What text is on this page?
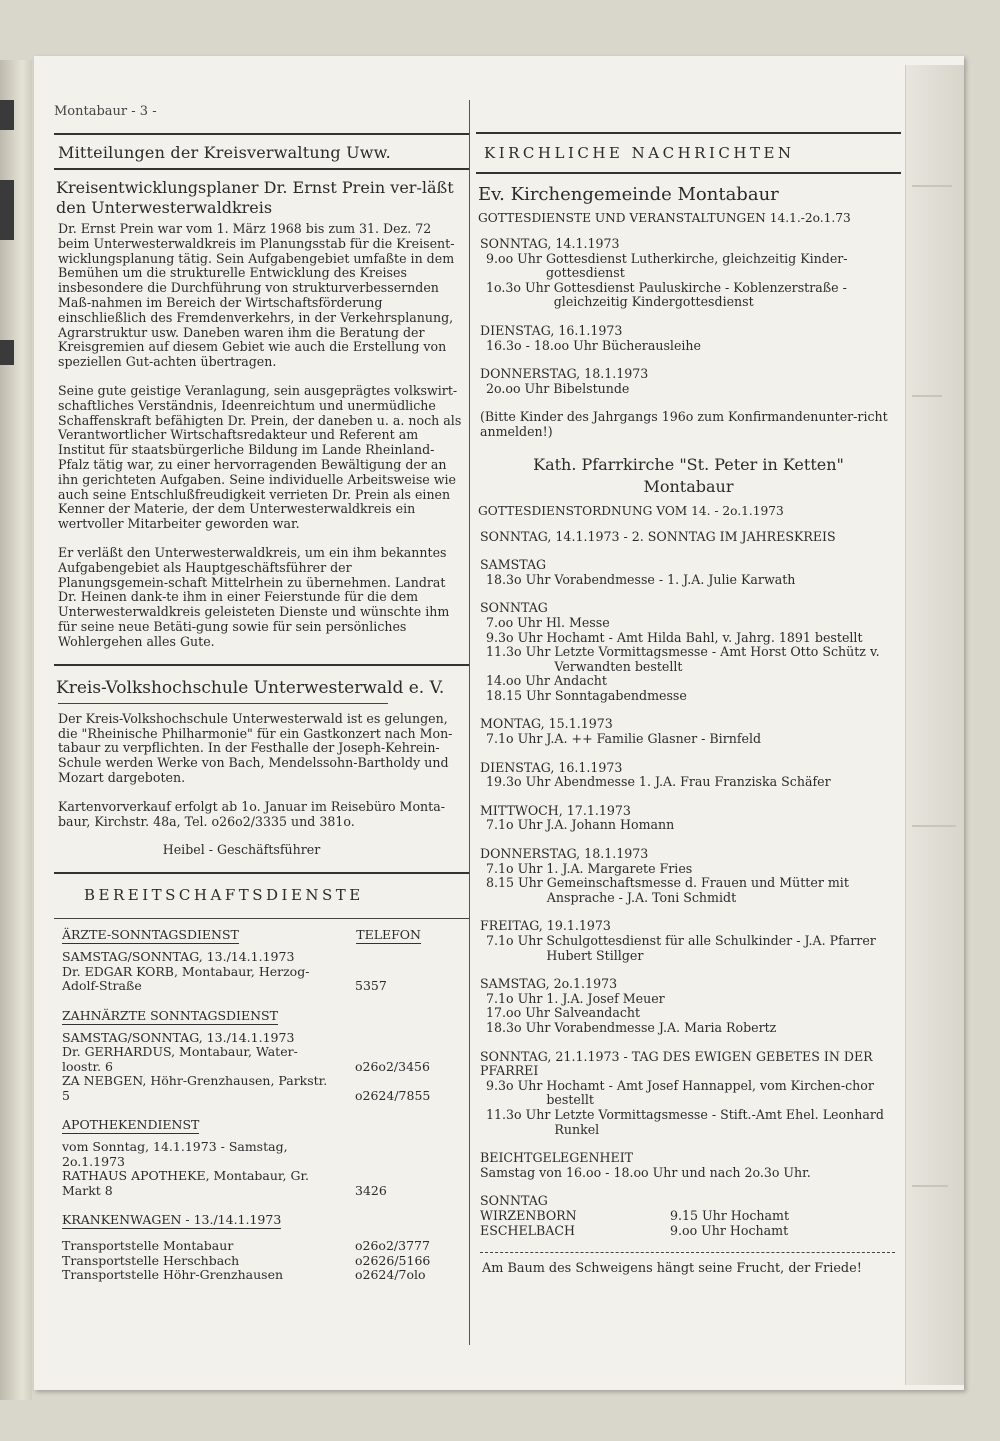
Montabaur - 3 -
Mitteilungen der Kreisverwaltung Uww.
Kreisentwicklungsplaner Dr. Ernst Prein ver-läßt den Unterwesterwaldkreis

Dr. Ernst Prein war vom 1. März 1968 bis zum 31. Dez. 72 beim Unterwesterwaldkreis im Planungsstab für die Kreisent-wicklungsplanung tätig. Sein Aufgabengebiet umfaßte in dem Bemühen um die strukturelle Entwicklung des Kreises insbesondere die Durchführung von strukturverbessernden Maß-nahmen im Bereich der Wirtschaftsförderung einschließlich des Fremdenverkehrs, in der Verkehrsplanung, Agrarstruktur usw. Daneben waren ihm die Beratung der Kreisgremien auf diesem Gebiet wie auch die Erstellung von speziellen Gut-achten übertragen.

Seine gute geistige Veranlagung, sein ausgeprägtes volkswirt-schaftliches Verständnis, Ideenreichtum und unermüdliche Schaffenskraft befähigten Dr. Prein, der daneben u. a. noch als Verantwortlicher Wirtschaftsredakteur und Referent am Institut für staatsbürgerliche Bildung im Lande Rheinland-Pfalz tätig war, zu einer hervorragenden Bewältigung der an ihn gerichteten Aufgaben. Seine individuelle Arbeitsweise wie auch seine Entschlußfreudigkeit verrieten Dr. Prein als einen Kenner der Materie, der dem Unterwesterwaldkreis ein wertvoller Mitarbeiter geworden war.

Er verläßt den Unterwesterwaldkreis, um ein ihm bekanntes Aufgabengebiet als Hauptgeschäftsführer der Planungsgemein-schaft Mittelrhein zu übernehmen. Landrat Dr. Heinen dank-te ihm in einer Feierstunde für die dem Unterwesterwaldkreis geleisteten Dienste und wünschte ihm für seine neue Betäti-gung sowie für sein persönliches Wohlergehen alles Gute.

Kreis-Volkshochschule Unterwesterwald e. V.

Der Kreis-Volkshochschule Unterwesterwald ist es gelungen, die "Rheinische Philharmonie" für ein Gastkonzert nach Mon-tabaur zu verpflichten. In der Festhalle der Joseph-Kehrein-Schule werden Werke von Bach, Mendelssohn-Bartholdy und Mozart dargeboten.

Kartenvorverkauf erfolgt ab 1o. Januar im Reisebüro Monta-baur, Kirchstr. 48a, Tel. o26o2/3335 und 381o.

Heibel - Geschäftsführer

BEREITSCHAFTSDIENSTE
ÄRZTE-SONNTAGSDIENST	TELEFON
SAMSTAG/SONNTAG, 13./14.1.1973
Dr. EDGAR KORB, Montabaur, Herzog-Adolf-Straße	5357
ZAHNÄRZTE SONNTAGSDIENST
SAMSTAG/SONNTAG, 13./14.1.1973
Dr. GERHARDUS, Montabaur, Water-loostr. 6	o26o2/3456
ZA NEBGEN, Höhr-Grenzhausen, Parkstr. 5	o2624/7855
APOTHEKENDIENST
vom Sonntag, 14.1.1973 - Samstag, 2o.1.1973
RATHAUS APOTHEKE, Montabaur, Gr. Markt 8	3426
KRANKENWAGEN - 13./14.1.1973
Transportstelle Montabaur	o26o2/3777
Transportstelle Herschbach	o2626/5166
Transportstelle Höhr-Grenzhausen	o2624/7olo
KIRCHLICHE NACHRICHTEN
Ev. Kirchengemeinde Montabaur
GOTTESDIENSTE UND VERANSTALTUNGEN 14.1.-2o.1.73
SONNTAG, 14.1.1973
9.oo Uhr Gottesdienst Lutherkirche, gleichzeitig Kinder-gottesdienst
1o.3o Uhr Gottesdienst Pauluskirche - Koblenzerstraße - gleichzeitig Kindergottesdienst
DIENSTAG, 16.1.1973
16.3o - 18.oo Uhr Bücherausleihe
DONNERSTAG, 18.1.1973
2o.oo Uhr Bibelstunde
(Bitte Kinder des Jahrgangs 196o zum Konfirmandenunter-richt anmelden!)
Kath. Pfarrkirche "St. Peter in Ketten"
Montabaur
GOTTESDIENSTORDNUNG VOM 14. - 2o.1.1973
SONNTAG, 14.1.1973 - 2. SONNTAG IM JAHRESKREIS
SAMSTAG
18.3o Uhr Vorabendmesse - 1. J.A. Julie Karwath
SONNTAG
7.oo Uhr Hl. Messe
9.3o Uhr Hochamt - Amt Hilda Bahl, v. Jahrg. 1891 bestellt
11.3o Uhr Letzte Vormittagsmesse - Amt Horst Otto Schütz v. Verwandten bestellt
14.oo Uhr Andacht
18.15 Uhr Sonntagabendmesse
MONTAG, 15.1.1973
7.1o Uhr J.A. ++ Familie Glasner - Birnfeld
DIENSTAG, 16.1.1973
19.3o Uhr Abendmesse 1. J.A. Frau Franziska Schäfer
MITTWOCH, 17.1.1973
7.1o Uhr J.A. Johann Homann
DONNERSTAG, 18.1.1973
7.1o Uhr 1. J.A. Margarete Fries
8.15 Uhr Gemeinschaftsmesse d. Frauen und Mütter mit Ansprache - J.A. Toni Schmidt
FREITAG, 19.1.1973
7.1o Uhr Schulgottesdienst für alle Schulkinder - J.A. Pfarrer Hubert Stillger
SAMSTAG, 2o.1.1973
7.1o Uhr 1. J.A. Josef Meuer
17.oo Uhr Salveandacht
18.3o Uhr Vorabendmesse J.A. Maria Robertz
SONNTAG, 21.1.1973 - TAG DES EWIGEN GEBETES IN DER PFARREI
9.3o Uhr Hochamt - Amt Josef Hannappel, vom Kirchen-chor bestellt
11.3o Uhr Letzte Vormittagsmesse - Stift.-Amt Ehel. Leonhard Runkel
BEICHTGELEGENHEIT
Samstag von 16.oo - 18.oo Uhr und nach 2o.3o Uhr.
SONNTAG
WIRZENBORN	9.15 Uhr Hochamt
ESCHELBACH	9.oo Uhr Hochamt
Am Baum des Schweigens hängt seine Frucht, der Friede!
